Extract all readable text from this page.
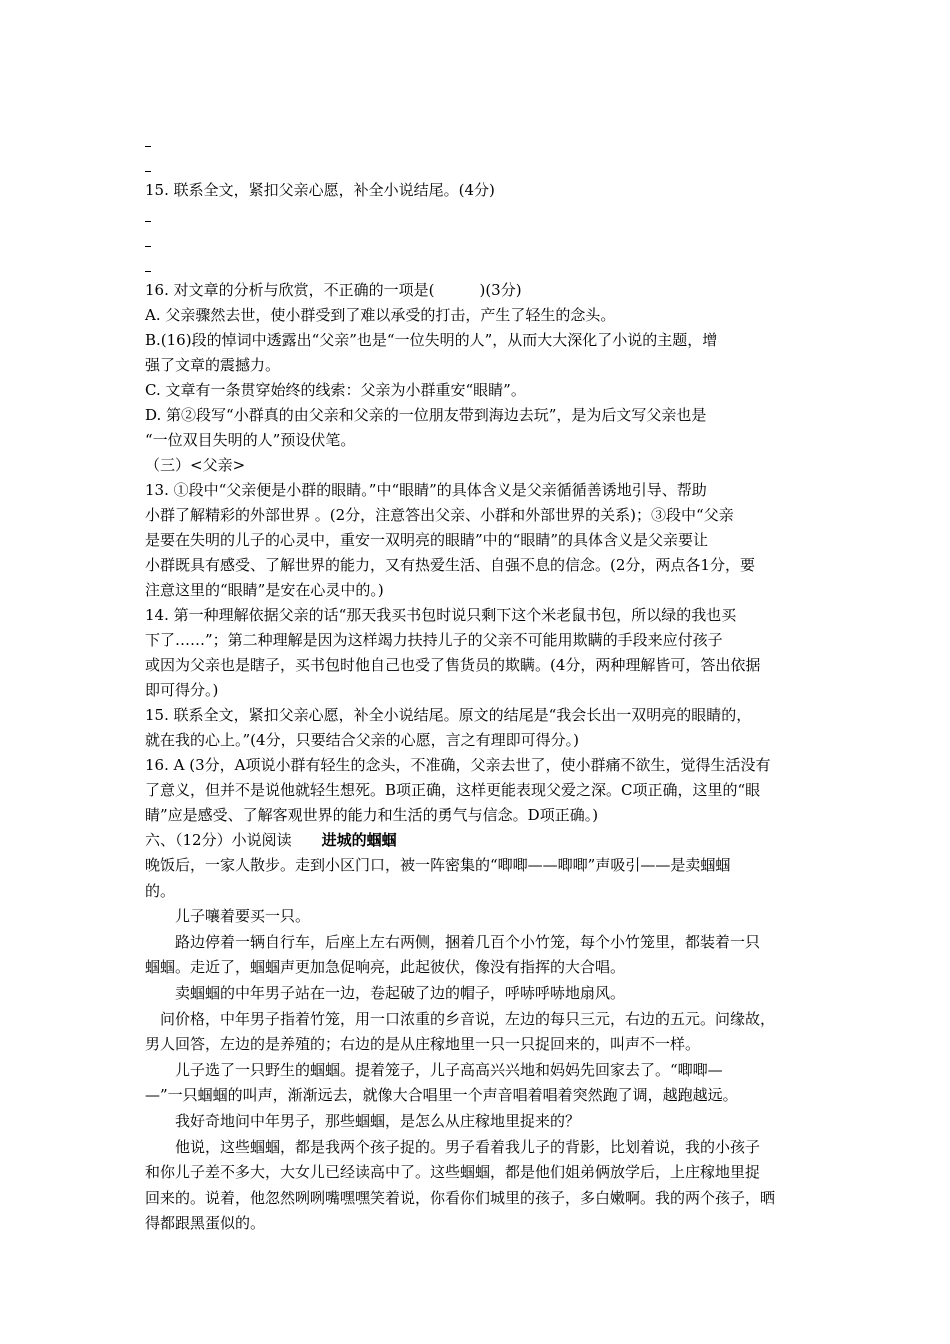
15. 联系全文，紧扣父亲心愿，补全小说结尾。(4分)

16. 对文章的分析与欣赏，不正确的一项是(　　　)(3分)

A. 父亲骤然去世，使小群受到了难以承受的打击，产生了轻生的念头。

B.(16)段的悼词中透露出“父亲”也是“一位失明的人”，从而大大深化了小说的主题，增

强了文章的震撼力。

C. 文章有一条贯穿始终的线索：父亲为小群重安“眼睛”。

D. 第②段写“小群真的由父亲和父亲的一位朋友带到海边去玩”，是为后文写父亲也是

“一位双目失明的人”预设伏笔。

（三）<父亲>

13. ①段中“父亲便是小群的眼睛。”中“眼睛”的具体含义是父亲循循善诱地引导、帮助

小群了解精彩的外部世界 。(2分，注意答出父亲、小群和外部世界的关系)；③段中“父亲

是要在失明的儿子的心灵中，重安一双明亮的眼睛”中的“眼睛”的具体含义是父亲要让

小群既具有感受、了解世界的能力，又有热爱生活、自强不息的信念。(2分，两点各1分，要

注意这里的“眼睛”是安在心灵中的。)

14. 第一种理解依据父亲的话“那天我买书包时说只剩下这个米老鼠书包，所以绿的我也买

下了……”；第二种理解是因为这样竭力扶持儿子的父亲不可能用欺瞒的手段来应付孩子

或因为父亲也是瞎子，买书包时他自己也受了售货员的欺瞒。(4分，两种理解皆可，答出依据

即可得分。)

15. 联系全文，紧扣父亲心愿，补全小说结尾。原文的结尾是“我会长出一双明亮的眼睛的，

就在我的心上。”(4分，只要结合父亲的心愿，言之有理即可得分。)

16. A (3分，A项说小群有轻生的念头，不准确，父亲去世了，使小群痛不欲生，觉得生活没有

了意义，但并不是说他就轻生想死。B项正确，这样更能表现父爱之深。C项正确，这里的“眼

睛”应是感受、了解客观世界的能力和生活的勇气与信念。D项正确。)

六、（12分）小说阅读 进城的蝈蝈

晚饭后，一家人散步。走到小区门口，被一阵密集的“唧唧——唧唧”声吸引——是卖蝈蝈

的。

儿子嚷着要买一只。

路边停着一辆自行车，后座上左右两侧，捆着几百个小竹笼，每个小竹笼里，都装着一只

蝈蝈。走近了，蝈蝈声更加急促响亮，此起彼伏，像没有指挥的大合唱。

卖蝈蝈的中年男子站在一边，卷起破了边的帽子，呼哧呼哧地扇风。

问价格，中年男子指着竹笼，用一口浓重的乡音说，左边的每只三元，右边的五元。问缘故，

男人回答，左边的是养殖的；右边的是从庄稼地里一只一只捉回来的，叫声不一样。

儿子选了一只野生的蝈蝈。提着笼子，儿子高高兴兴地和妈妈先回家去了。“唧唧—

—”一只蝈蝈的叫声，渐渐远去，就像大合唱里一个声音唱着唱着突然跑了调，越跑越远。

我好奇地问中年男子，那些蝈蝈，是怎么从庄稼地里捉来的？

他说，这些蝈蝈，都是我两个孩子捉的。男子看着我儿子的背影，比划着说，我的小孩子

和你儿子差不多大，大女儿已经读高中了。这些蝈蝈，都是他们姐弟俩放学后，上庄稼地里捉

回来的。说着，他忽然咧咧嘴嘿嘿笑着说，你看你们城里的孩子，多白嫩啊。我的两个孩子，晒

得都跟黑蛋似的。
